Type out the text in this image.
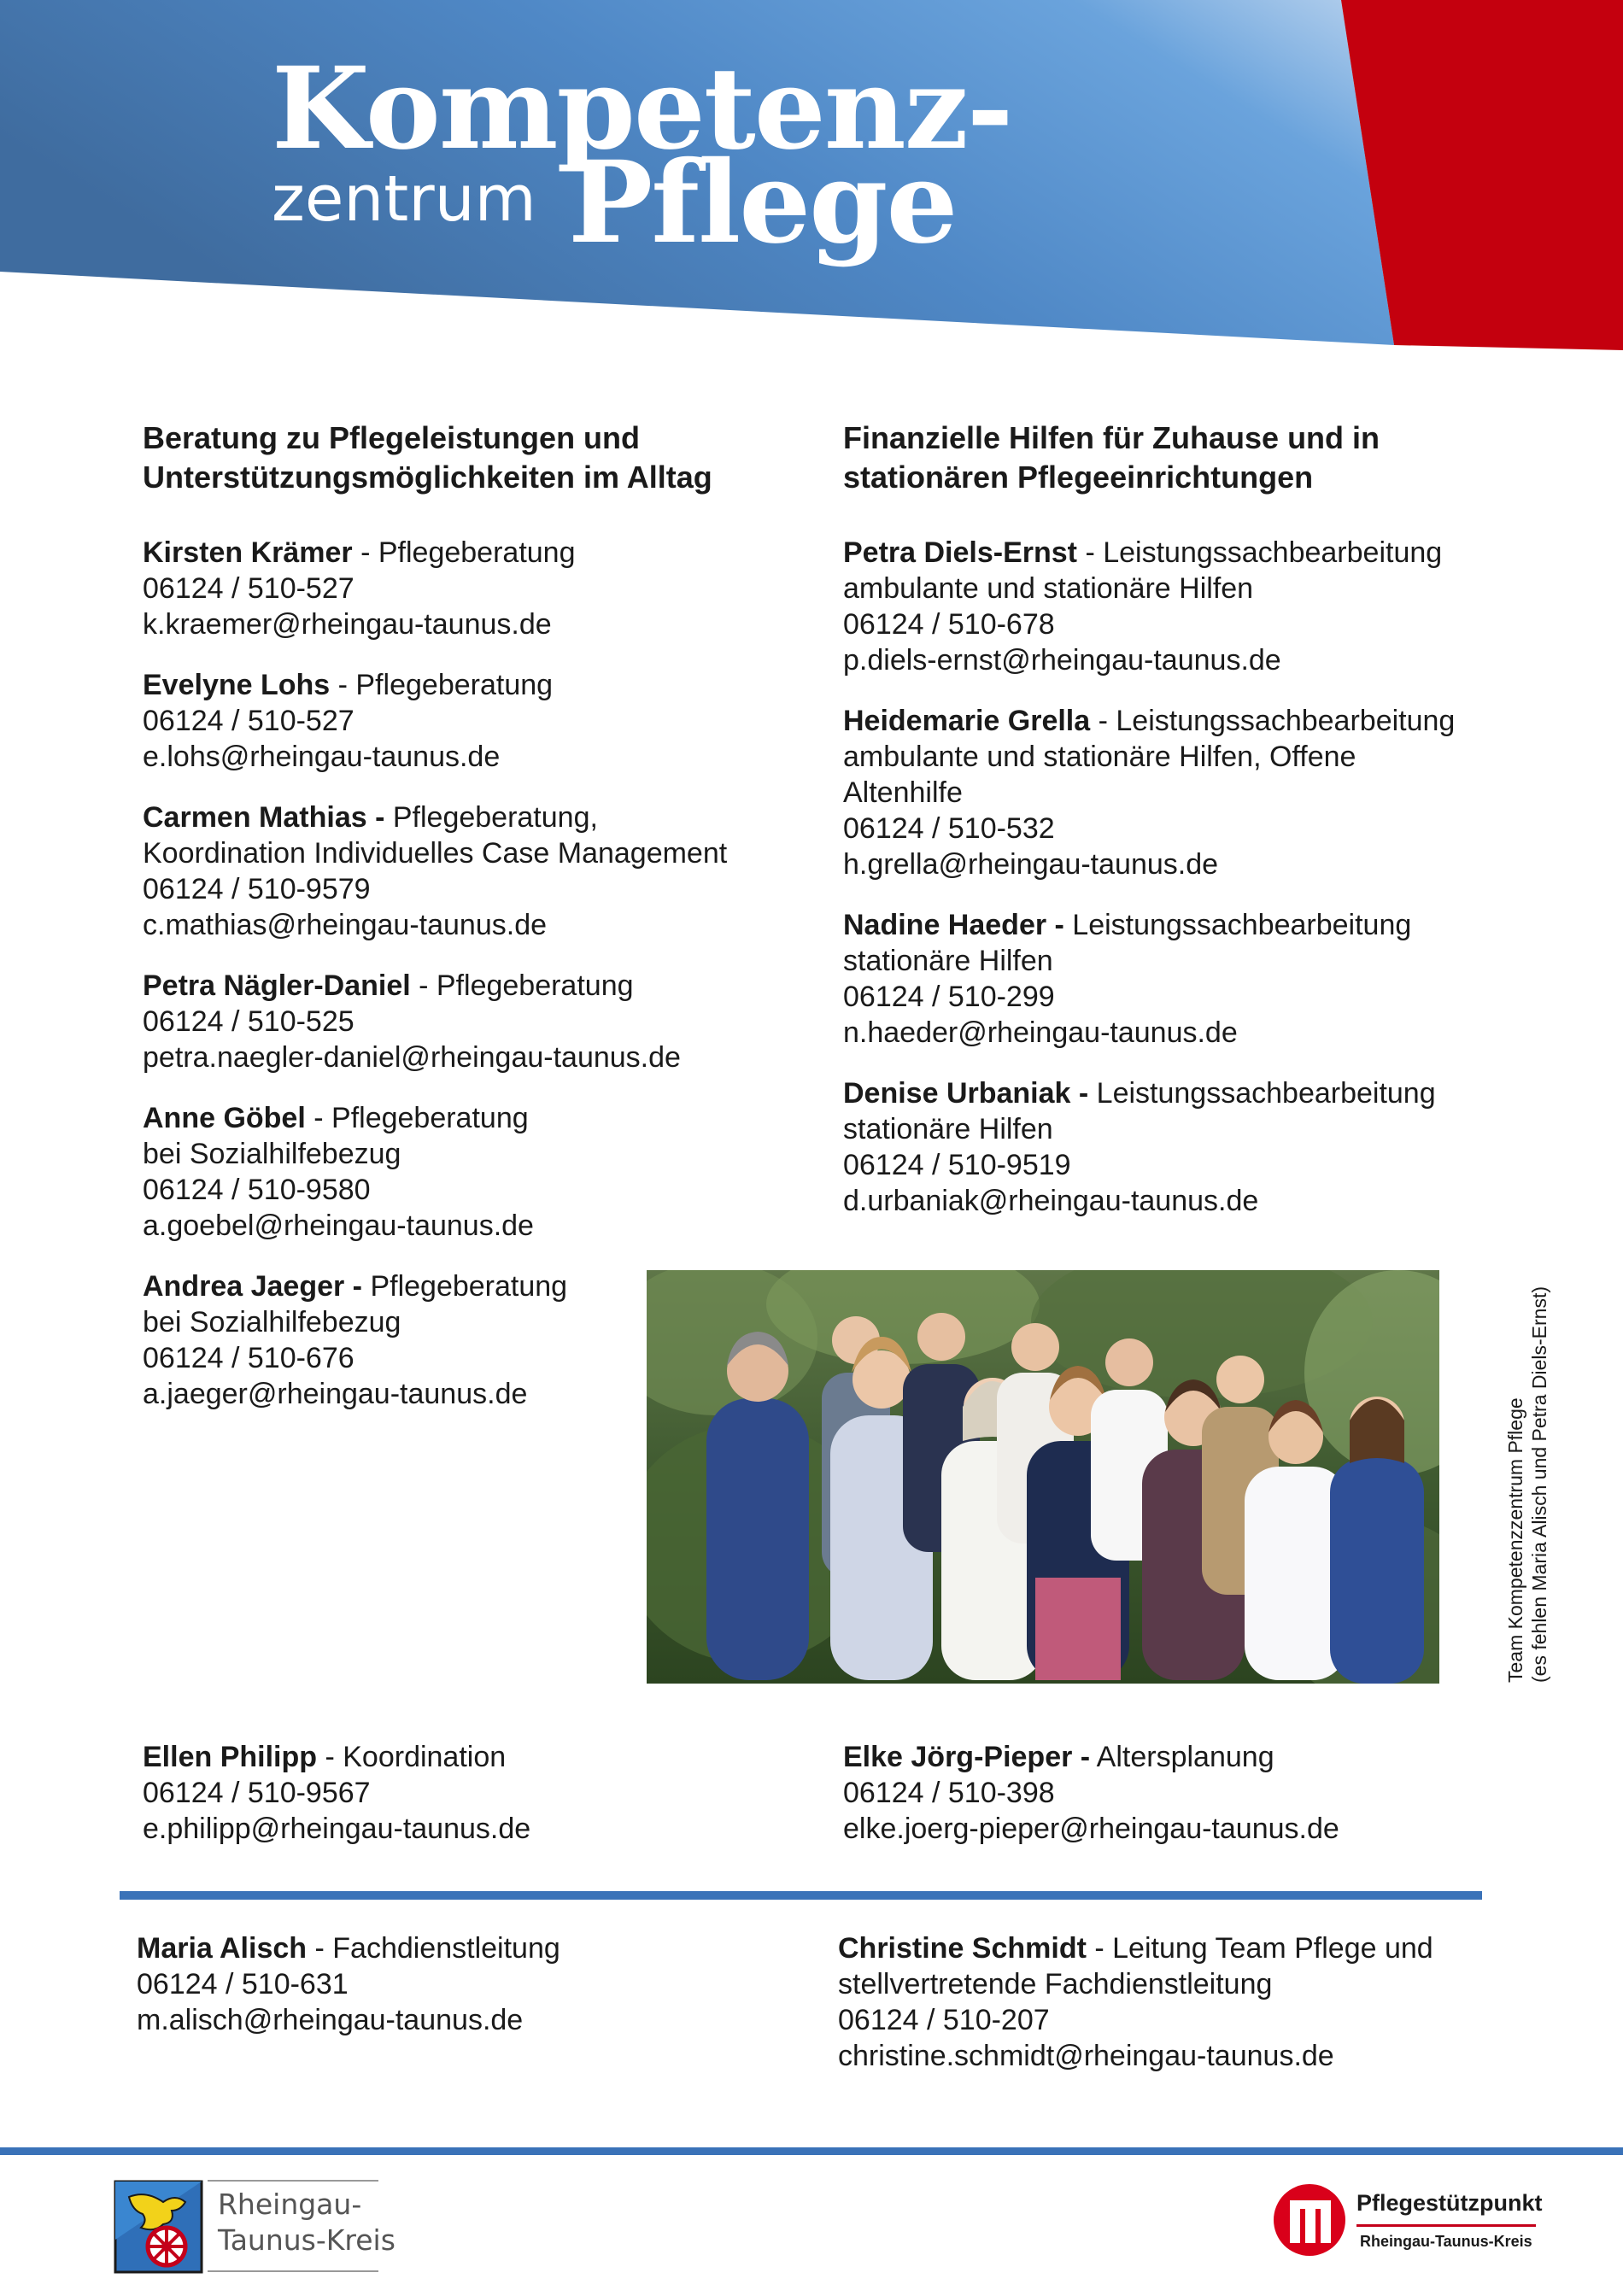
Kompetenz-
zentrum Pflege
Beratung zu Pflegeleistungen und
Unterstützungsmöglichkeiten im Alltag
Kirsten Krämer - Pflegeberatung
06124 / 510-527
k.kraemer@rheingau-taunus.de
Evelyne Lohs - Pflegeberatung
06124 / 510-527
e.lohs@rheingau-taunus.de
Carmen Mathias - Pflegeberatung,
Koordination Individuelles Case Management
06124 / 510-9579
c.mathias@rheingau-taunus.de
Petra Nägler-Daniel - Pflegeberatung
06124 / 510-525
petra.naegler-daniel@rheingau-taunus.de
Anne Göbel - Pflegeberatung
bei Sozialhilfebezug
06124 / 510-9580
a.goebel@rheingau-taunus.de
Andrea Jaeger - Pflegeberatung
bei Sozialhilfebezug
06124 / 510-676
a.jaeger@rheingau-taunus.de
Finanzielle Hilfen für Zuhause und in
stationären Pflegeeinrichtungen
Petra Diels-Ernst - Leistungssachbearbeitung
ambulante und stationäre Hilfen
06124 / 510-678
p.diels-ernst@rheingau-taunus.de
Heidemarie Grella - Leistungssachbearbeitung
ambulante und stationäre Hilfen, Offene
Altenhilfe
06124 / 510-532
h.grella@rheingau-taunus.de
Nadine Haeder - Leistungssachbearbeitung
stationäre Hilfen
06124 / 510-299
n.haeder@rheingau-taunus.de
Denise Urbaniak - Leistungssachbearbeitung
stationäre Hilfen
06124 / 510-9519
d.urbaniak@rheingau-taunus.de
Team Kompetenzzentrum Pflege (es fehlen Maria Alisch und Petra Diels-Ernst)
Ellen Philipp - Koordination
06124 / 510-9567
e.philipp@rheingau-taunus.de
Elke Jörg-Pieper - Altersplanung
06124 / 510-398
elke.joerg-pieper@rheingau-taunus.de
Maria Alisch - Fachdienstleitung
06124 / 510-631
m.alisch@rheingau-taunus.de
Christine Schmidt - Leitung Team Pflege und
stellvertretende Fachdienstleitung
06124 / 510-207
christine.schmidt@rheingau-taunus.de
Rheingau-
Taunus-Kreis
Pflegestützpunkt
Rheingau-Taunus-Kreis
